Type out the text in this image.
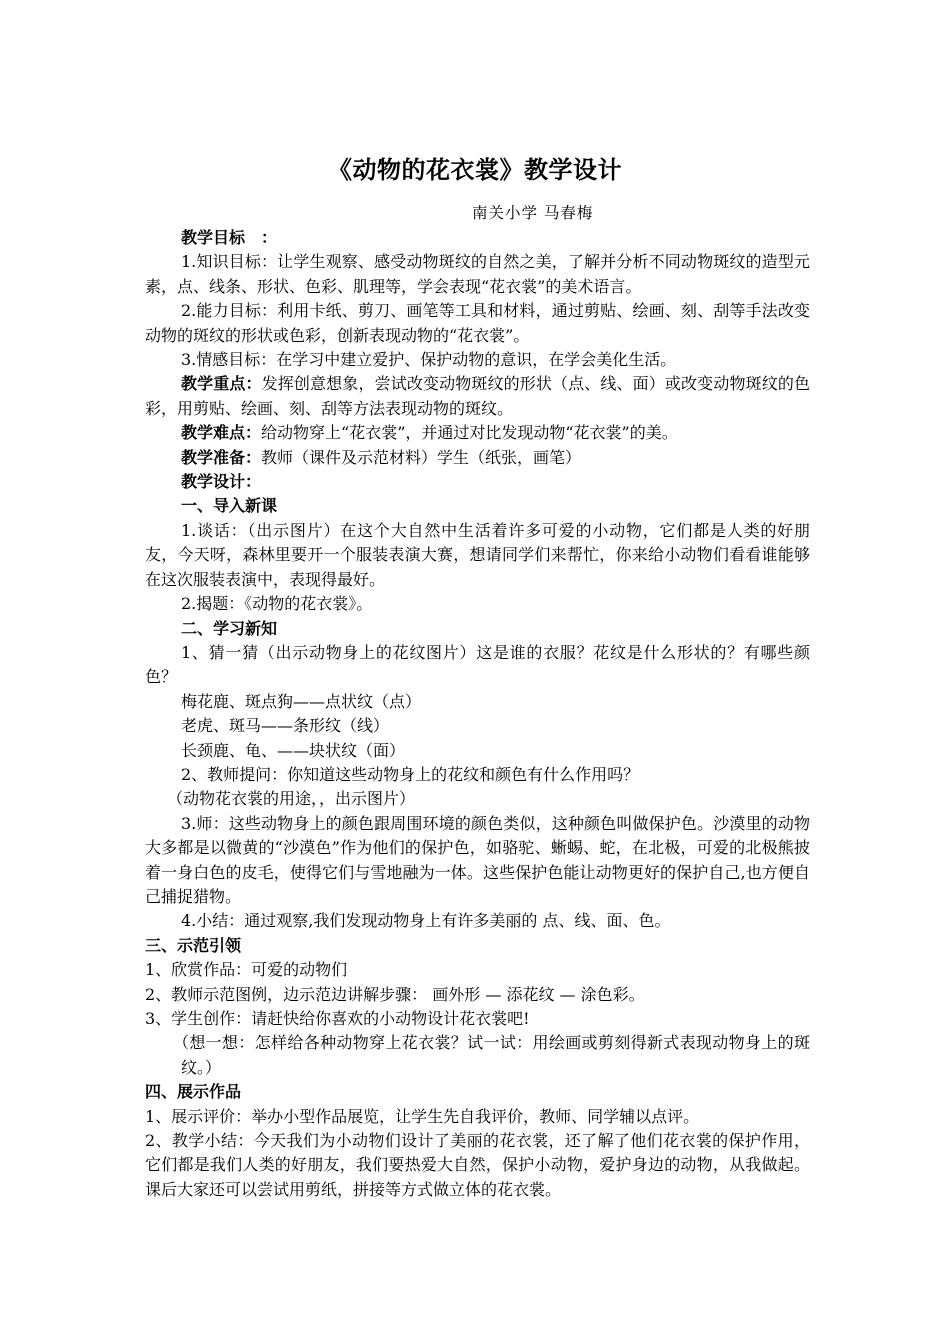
《动物的花衣裳》教学设计
南关小学 马春梅

教学目标　：

1.知识目标：让学生观察、感受动物斑纹的自然之美，了解并分析不同动物斑纹的造型元素，点、线条、形状、色彩、肌理等，学会表现“花衣裳”的美术语言。

2.能力目标：利用卡纸、剪刀、画笔等工具和材料，通过剪贴、绘画、刻、刮等手法改变动物的斑纹的形状或色彩，创新表现动物的“花衣裳”。

3.情感目标：在学习中建立爱护、保护动物的意识，在学会美化生活。

教学重点：发挥创意想象，尝试改变动物斑纹的形状（点、线、面）或改变动物斑纹的色彩，用剪贴、绘画、刻、刮等方法表现动物的斑纹。

教学难点：给动物穿上“花衣裳”，并通过对比发现动物“花衣裳”的美。

教学准备：教师（课件及示范材料）学生（纸张，画笔）

教学设计：

一、导入新课

1.谈话：（出示图片）在这个大自然中生活着许多可爱的小动物，它们都是人类的好朋友，今天呀，森林里要开一个服装表演大赛，想请同学们来帮忙，你来给小动物们看看谁能够在这次服装表演中，表现得最好。

2.揭题：《动物的花衣裳》。

二、学习新知

1、猜一猜（出示动物身上的花纹图片）这是谁的衣服？花纹是什么形状的？有哪些颜色？

梅花鹿、斑点狗——点状纹（点）

老虎、斑马——条形纹（线）

长颈鹿、龟、——块状纹（面）

2、教师提问：你知道这些动物身上的花纹和颜色有什么作用吗？

（动物花衣裳的用途，，出示图片）

3.师：这些动物身上的颜色跟周围环境的颜色类似，这种颜色叫做保护色。沙漠里的动物大多都是以微黄的“沙漠色”作为他们的保护色，如骆驼、蜥蜴、蛇，在北极，可爱的北极熊披着一身白色的皮毛，使得它们与雪地融为一体。这些保护色能让动物更好的保护自己,也方便自己捕捉猎物。

4.小结：通过观察,我们发现动物身上有许多美丽的 点、线、面、色。

三、示范引领

1、欣赏作品：可爱的动物们

2、教师示范图例，边示范边讲解步骤： 画外形 — 添花纹 — 涂色彩。

3、学生创作：请赶快给你喜欢的小动物设计花衣裳吧!

（想一想：怎样给各种动物穿上花衣裳？试一试：用绘画或剪刻得新式表现动物身上的斑纹。）

四、展示作品

1、展示评价：举办小型作品展览，让学生先自我评价，教师、同学辅以点评。

2、教学小结：今天我们为小动物们设计了美丽的花衣裳，还了解了他们花衣裳的保护作用，它们都是我们人类的好朋友，我们要热爱大自然，保护小动物，爱护身边的动物，从我做起。课后大家还可以尝试用剪纸，拼接等方式做立体的花衣裳。
